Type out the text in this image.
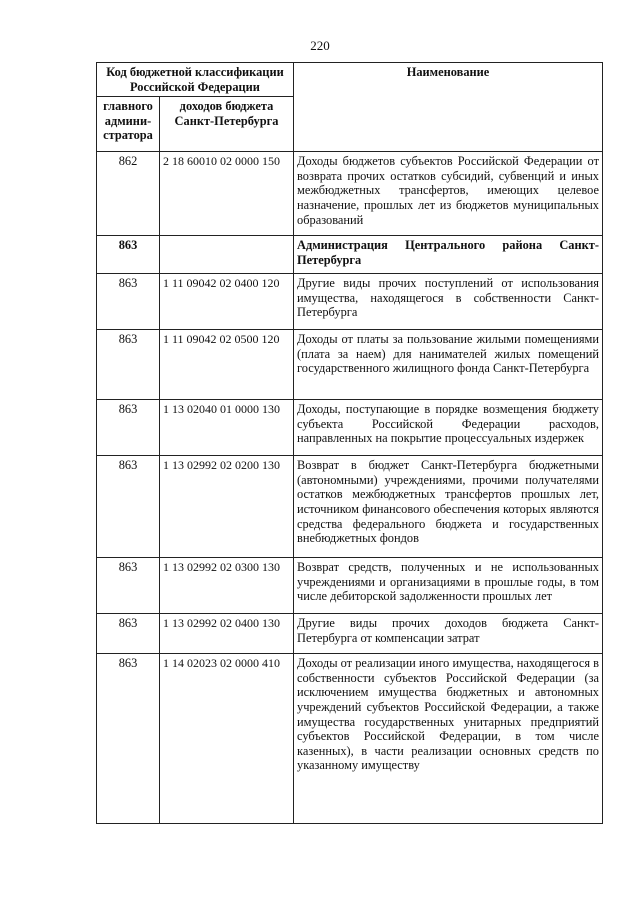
220
Код бюджетной классификации Российской Федерации		Наименование
главного админи-стратора	доходов бюджета Санкт-Петербурга	
862	2 18 60010 02 0000 150	Доходы бюджетов субъектов Российской Федерации от возврата прочих остатков субсидий, субвенций и иных межбюджетных трансфертов, имеющих целевое назначение, прошлых лет из бюджетов муниципальных образований
863		Администрация Центрального района Санкт-Петербурга
863	1 11 09042 02 0400 120	Другие виды прочих поступлений от использования имущества, находящегося в собственности Санкт-Петербурга
863	1 11 09042 02 0500 120	Доходы от платы за пользование жилыми помещениями (плата за наем) для нанимателей жилых помещений государственного жилищного фонда Санкт-Петербурга
863	1 13 02040 01 0000 130	Доходы, поступающие в порядке возмещения бюджету субъекта Российской Федерации расходов, направленных на покрытие процессуальных издержек
863	1 13 02992 02 0200 130	Возврат в бюджет Санкт-Петербурга бюджетными (автономными) учреждениями, прочими получателями остатков межбюджетных трансфертов прошлых лет, источником финансового обеспечения которых являются средства федерального бюджета и государственных внебюджетных фондов
863	1 13 02992 02 0300 130	Возврат средств, полученных и не использованных учреждениями и организациями в прошлые годы, в том числе дебиторской задолженности прошлых лет
863	1 13 02992 02 0400 130	Другие виды прочих доходов бюджета Санкт-Петербурга от компенсации затрат
863	1 14 02023 02 0000 410	Доходы от реализации иного имущества, находящегося в собственности субъектов Российской Федерации (за исключением имущества бюджетных и автономных учреждений субъектов Российской Федерации, а также имущества государственных унитарных предприятий субъектов Российской Федерации, в том числе казенных), в части реализации основных средств по указанному имуществу
